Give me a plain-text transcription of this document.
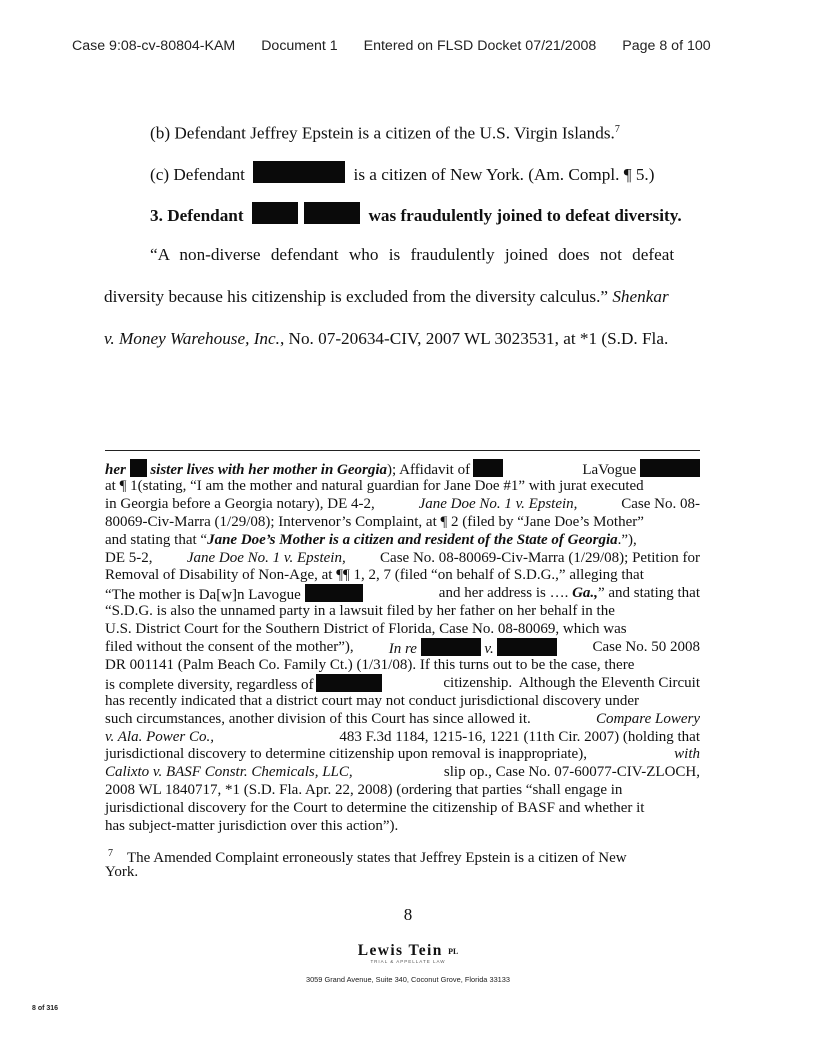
Case 9:08-cv-80804-KAM Document 1 Entered on FLSD Docket 07/21/2008 Page 8 of 100
(b) Defendant Jeffrey Epstein is a citizen of the U.S. Virgin Islands.$^7$
(c) Defendant	is a citizen of New York. (Am. Compl. ¶ 5.)
3. Defendant	was fraudulently joined to defeat diversity.
“A non-diverse defendant who is fraudulently joined does not defeat
diversity because his citizenship is excluded from the diversity calculus.” Shenkar
v. Money Warehouse, Inc., No. 07-20634-CIV, 2007 WL 3023531, at *1 (S.D. Fla.
her sister lives with her mother in Georgia); Affidavit of	LaVogue
at ¶ 1(stating, “I am the mother and natural guardian for Jane Doe #1” with jurat executed
in Georgia before a Georgia notary), DE 4-2,	Jane Doe No. 1 v. Epstein,	Case No. 08-
80069-Civ-Marra (1/29/08); Intervenor’s Complaint, at ¶ 2 (filed by “Jane Doe’s Mother”
and stating that “Jane Doe’s Mother is a citizen and resident of the State of Georgia.”),
DE 5-2, Jane Doe No. 1 v. Epstein, Case No. 08-80069-Civ-Marra (1/29/08); Petition for
Removal of Disability of Non-Age, at ¶¶ 1, 2, 7 (filed “on behalf of S.D.G.,” alleging that
“The mother is Da[w]n Lavogue	and her address is …. Ga.,” and stating that
“S.D.G. is also the unnamed party in a lawsuit filed by her father on her behalf in the
U.S. District Court for the Southern District of Florida, Case No. 08-80069, which was
filed without the consent of the mother”), In re	v.	Case No. 50 2008
DR 001141 (Palm Beach Co. Family Ct.) (1/31/08). If this turns out to be the case, there
is complete diversity, regardless of	citizenship.  Although the Eleventh Circuit
has recently indicated that a district court may not conduct jurisdictional discovery under
such circumstances, another division of this Court has since allowed it.	Compare Lowery
v. Ala. Power Co.,	483 F.3d 1184, 1215-16, 1221 (11th Cir. 2007) (holding that
jurisdictional discovery to determine citizenship upon removal is inappropriate),	with
Calixto v. BASF Constr. Chemicals, LLC,	slip op., Case No. 07-60077-CIV-ZLOCH,
2008 WL 1840717, *1 (S.D. Fla. Apr. 22, 2008) (ordering that parties “shall engage in
jurisdictional discovery for the Court to determine the citizenship of BASF and whether it
has subject-matter jurisdiction over this action”).
$^7$ The Amended Complaint erroneously states that Jeffrey Epstein is a citizen of New
8
Lewis Tein PL
TRIAL & APPELLATE LAW
3059 Grand Avenue, Suite 340, Coconut Grove, Florida 33133
8 of 316
York.
